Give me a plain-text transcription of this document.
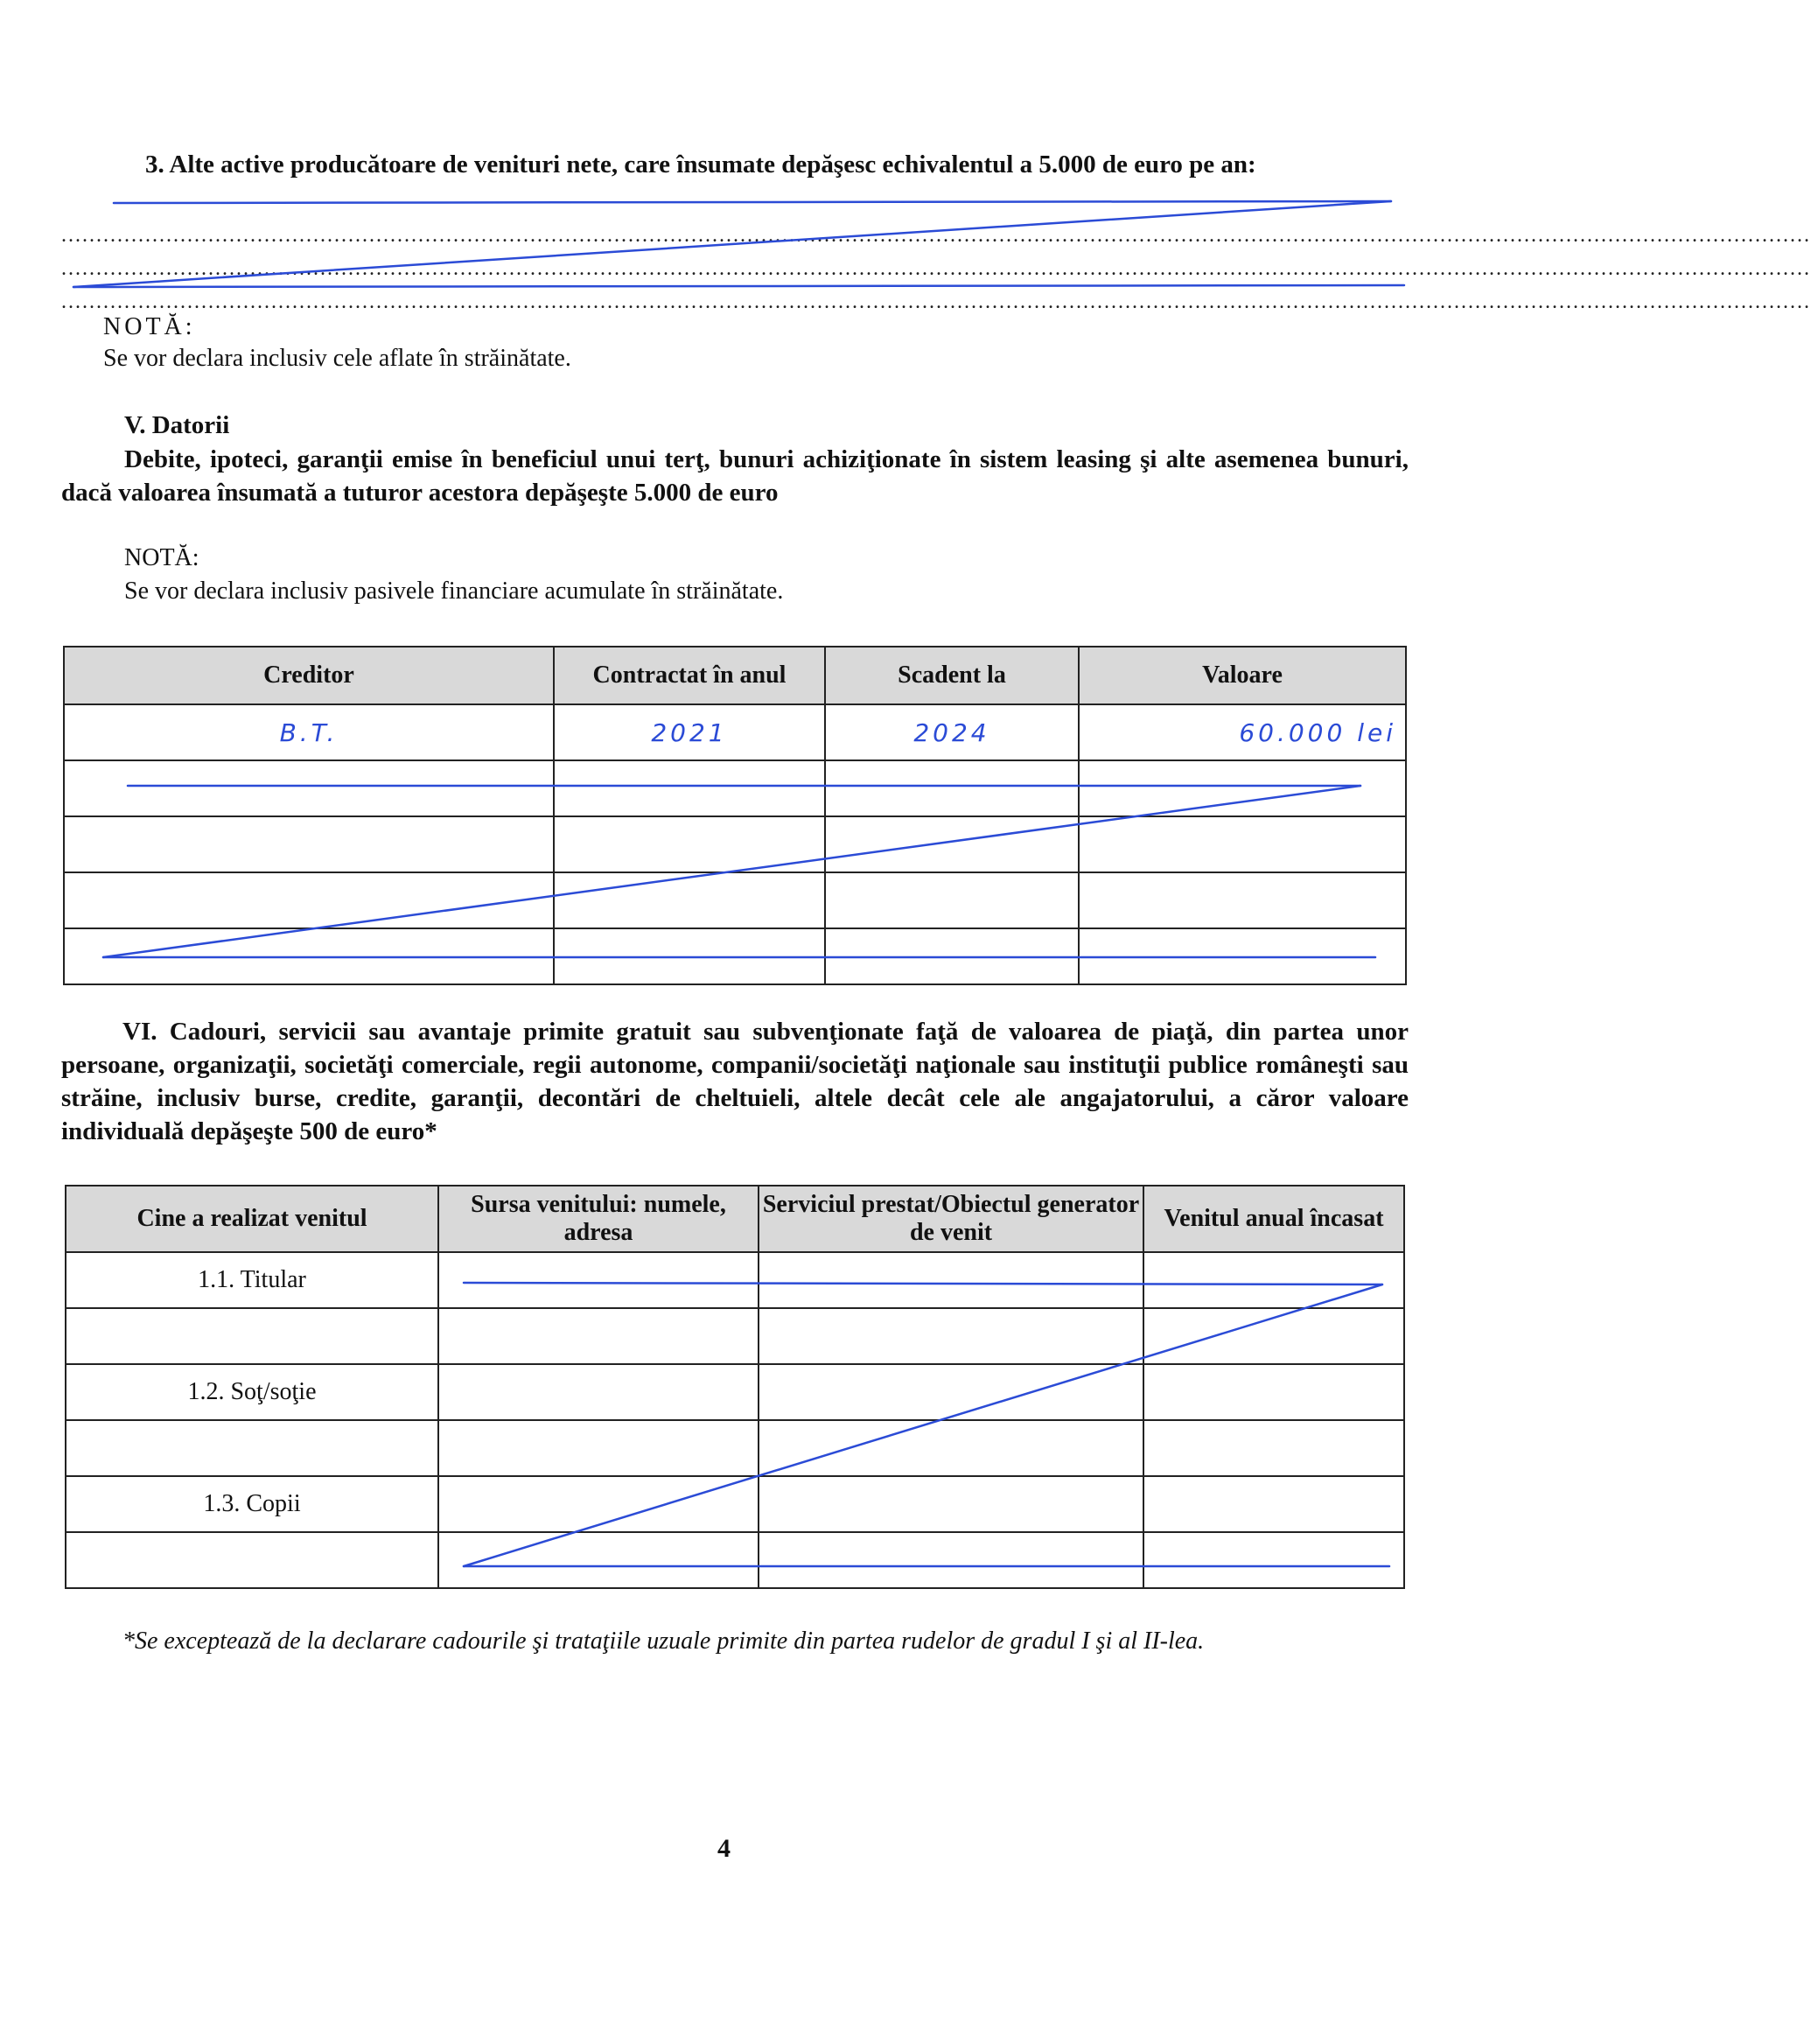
3. Alte active producătoare de venituri nete, care însumate depăşesc echivalentul a 5.000 de euro pe an:
..........................................................................................................................................................................................................................................................
..........................................................................................................................................................................................................................................................
..........................................................................................................................................................................................................................................................
NOTĂ:
Se vor declara inclusiv cele aflate în străinătate.
V. Datorii
Debite, ipoteci, garanţii emise în beneficiul unui terţ, bunuri achiziţionate în sistem leasing şi alte asemenea bunuri, dacă valoarea însumată a tuturor acestora depăşeşte 5.000 de euro
NOTĂ:
Se vor declara inclusiv pasivele financiare acumulate în străinătate.
Creditor	Contractat în anul	Scadent la	Valoare
B.T.	2021	2024	60.000 lei

VI. Cadouri, servicii sau avantaje primite gratuit sau subvenţionate faţă de valoarea de piaţă, din partea unor persoane, organizaţii, societăţi comerciale, regii autonome, companii/societăţi naţionale sau instituţii publice româneşti sau străine, inclusiv burse, credite, garanţii, decontări de cheltuieli, altele decât cele ale angajatorului, a căror valoare individuală depăşeşte 500 de euro*
Cine a realizat venitul	Sursa venitului: numele, adresa	Serviciul prestat/Obiectul generator de venit	Venitul anual încasat
1.1. Titular			

1.2. Soţ/soţie			

1.3. Copii			

*Se exceptează de la declarare cadourile şi trataţiile uzuale primite din partea rudelor de gradul I şi al II-lea.
4
